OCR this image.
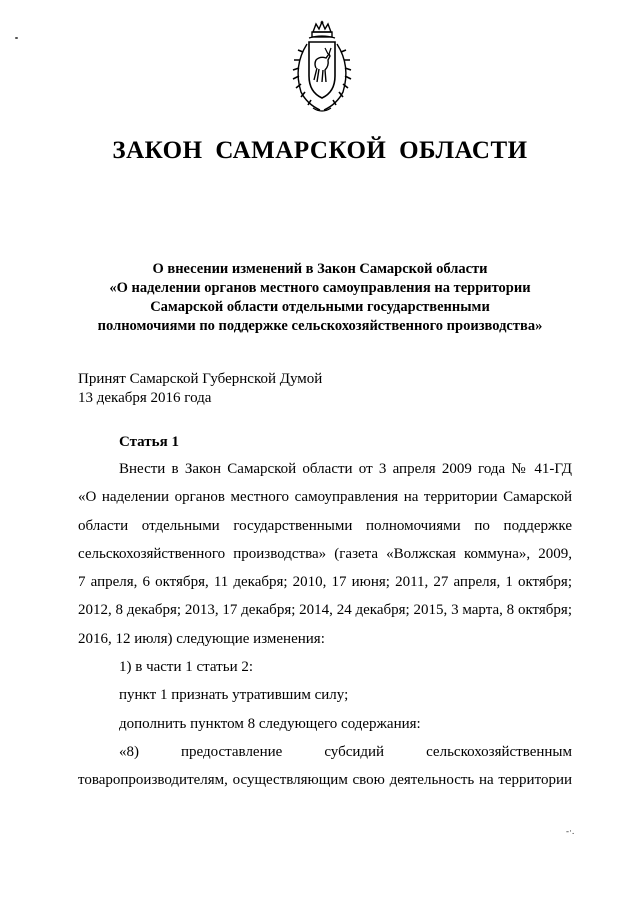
ЗАКОН САМАРСКОЙ ОБЛАСТИ
О внесении изменений в Закон Самарской области
«О наделении органов местного самоуправления на территории
Самарской области отдельными государственными
полномочиями по поддержке сельскохозяйственного производства»
Принят Самарской Губернской Думой
13 декабря 2016 года
Статья 1
Внести в Закон Самарской области от 3 апреля 2009 года № 41-ГД
«О наделении органов местного самоуправления на территории Самарской
области отдельными государственными полномочиями по поддержке
сельскохозяйственного производства» (газета «Волжская коммуна», 2009,
7 апреля, 6 октября, 11 декабря; 2010, 17 июня; 2011, 27 апреля, 1 октября;
2012, 8 декабря; 2013, 17 декабря; 2014, 24 декабря; 2015, 3 марта, 8 октября;
2016, 12 июля) следующие изменения:
1) в части 1 статьи 2:
пункт 1 признать утратившим силу;
дополнить пунктом 8 следующего содержания:
«8) предоставление субсидий сельскохозяйственным
товаропроизводителям, осуществляющим свою деятельность на территории
-·.
